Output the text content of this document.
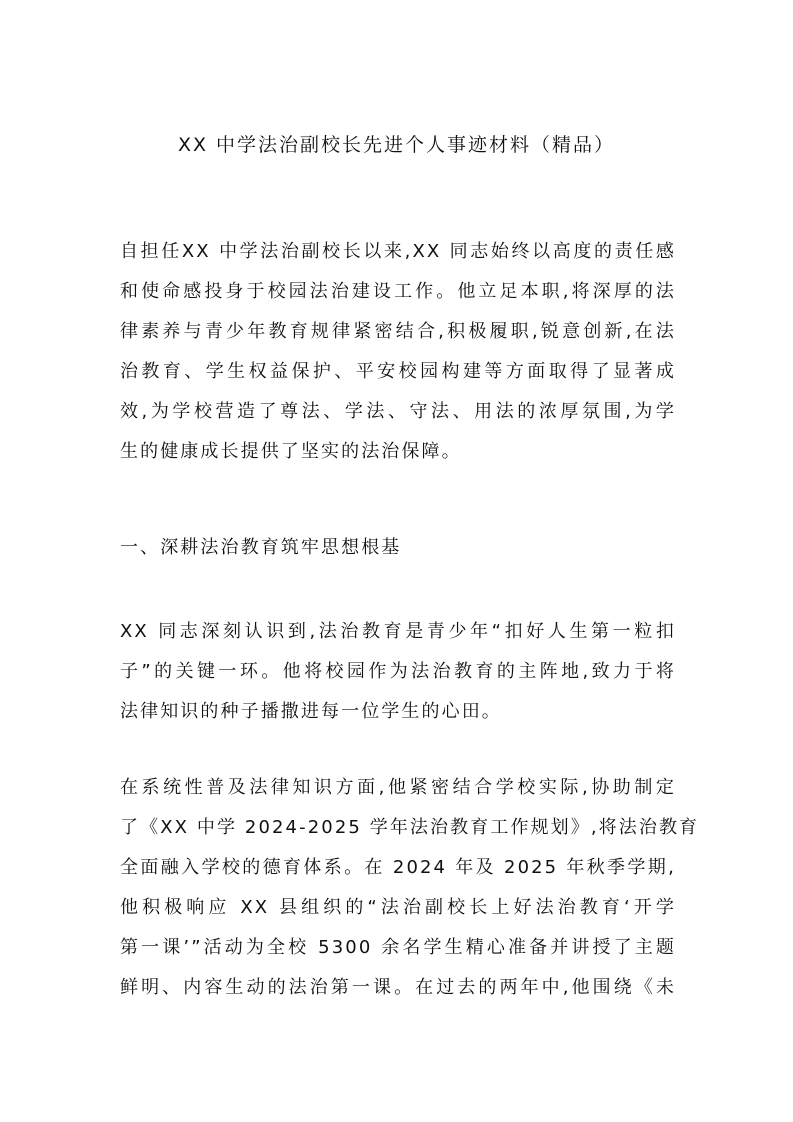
XX 中学法治副校长先进个人事迹材料（精品）
自担任XX 中学法治副校长以来,XX 同志始终以高度的责任感
和使命感投身于校园法治建设工作。他立足本职,将深厚的法
律素养与青少年教育规律紧密结合,积极履职,锐意创新,在法
治教育、学生权益保护、平安校园构建等方面取得了显著成
效,为学校营造了尊法、学法、守法、用法的浓厚氛围,为学
生的健康成长提供了坚实的法治保障。
一、深耕法治教育筑牢思想根基
XX 同志深刻认识到,法治教育是青少年“扣好人生第一粒扣
子”的关键一环。他将校园作为法治教育的主阵地,致力于将
法律知识的种子播撒进每一位学生的心田。
在系统性普及法律知识方面,他紧密结合学校实际,协助制定
了《XX 中学 2024-2025 学年法治教育工作规划》,将法治教育
全面融入学校的德育体系。在 2024 年及 2025 年秋季学期,
他积极响应 XX 县组织的“法治副校长上好法治教育‘开学
第一课’”活动为全校 5300 余名学生精心准备并讲授了主题
鲜明、内容生动的法治第一课。在过去的两年中,他围绕《未
